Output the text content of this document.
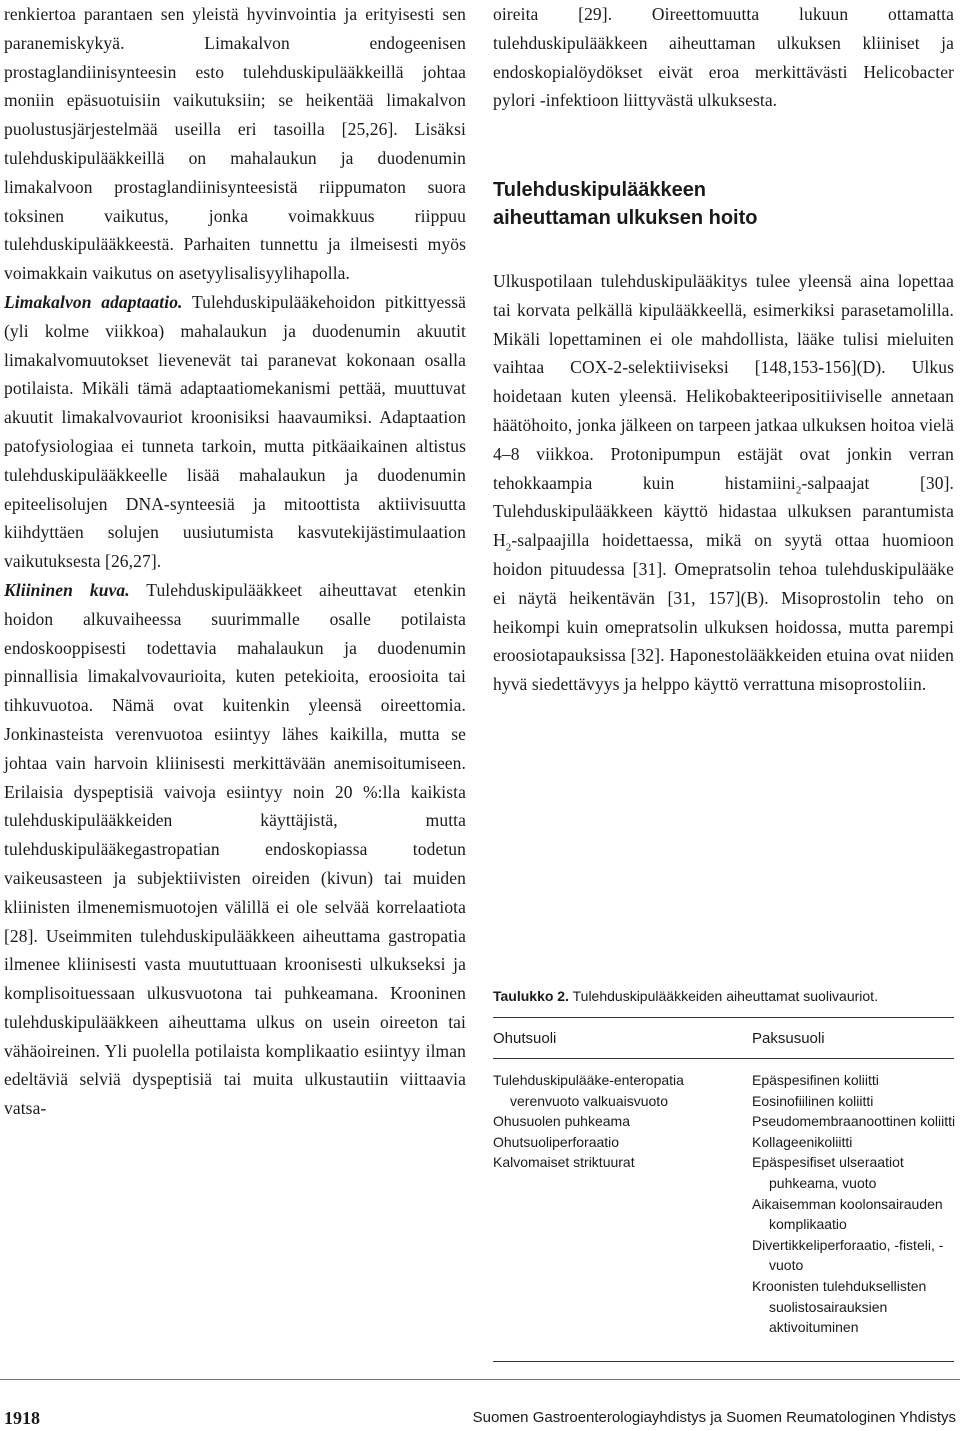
renkiertoa parantaen sen yleistä hyvinvointia ja erityisesti sen paranemiskykyä. Limakalvon endogeenisen prostaglandiinisynteesin esto tulehduskipulääkkeillä johtaa moniin epäsuotuisiin vaikutuksiin; se heikentää limakalvon puolustusjärjestelmää useilla eri tasoilla [25,26]. Lisäksi tulehduskipulääkkeillä on mahalaukun ja duodenumin limakalvoon prostaglandiinisynteesistä riippumaton suora toksinen vaikutus, jonka voimakkuus riippuu tulehduskipulääkkeestä. Parhaiten tunnettu ja ilmeisesti myös voimakkain vaikutus on asetyylisalisyylihapolla.

Limakalvon adaptaatio. Tulehduskipulääkehoidon pitkittyessä (yli kolme viikkoa) mahalaukun ja duodenumin akuutit limakalvomuutokset lievenevät tai paranevat kokonaan osalla potilaista. Mikäli tämä adaptaatiomekanismi pettää, muuttuvat akuutit limakalvovauriot kroonisiksi haavaumiksi. Adaptaation patofysiologiaa ei tunneta tarkoin, mutta pitkäaikainen altistus tulehduskipulääkkeelle lisää mahalaukun ja duodenumin epiteelisolujen DNA-synteesiä ja mitoottista aktiivisuutta kiihdyttäen solujen uusiutumista kasvutekijästimulaation vaikutuksesta [26,27].

Kliininen kuva. Tulehduskipulääkkeet aiheuttavat etenkin hoidon alkuvaiheessa suurimmalle osalle potilaista endoskooppisesti todettavia mahalaukun ja duodenumin pinnallisia limakalvovaurioita, kuten petekioita, eroosioita tai tihkuvuotoa. Nämä ovat kuitenkin yleensä oireettomia. Jonkinasteista verenvuotoa esiintyy lähes kaikilla, mutta se johtaa vain harvoin kliinisesti merkittävään anemisoitumiseen. Erilaisia dyspeptisiä vaivoja esiintyy noin 20 %:lla kaikista tulehduskipulääkkeiden käyttäjistä, mutta tulehduskipulääkegastropatian endoskopiassa todetun vaikeusasteen ja subjektiivisten oireiden (kivun) tai muiden kliinisten ilmenemismuotojen välillä ei ole selvää korrelaatiota [28]. Useimmiten tulehduskipulääkkeen aiheuttama gastropatia ilmenee kliinisesti vasta muututtuaan kroonisesti ulkukseksi ja komplisoituessaan ulkusvuotona tai puhkeamana. Krooninen tulehduskipulääkkeen aiheuttama ulkus on usein oireeton tai vähäoireinen. Yli puolella potilaista komplikaatio esiintyy ilman edeltäviä selviä dyspeptisiä tai muita ulkustautiin viittaavia vatsa-

oireita [29]. Oireettomuutta lukuun ottamatta tulehduskipulääkkeen aiheuttaman ulkuksen kliiniset ja endoskopialöydökset eivät eroa merkittävästi Helicobacter pylori -infektioon liittyvästä ulkuksesta.

Tulehduskipulääkkeen
aiheuttaman ulkuksen hoito

Ulkuspotilaan tulehduskipulääkitys tulee yleensä aina lopettaa tai korvata pelkällä kipulääkkeellä, esimerkiksi parasetamolilla. Mikäli lopettaminen ei ole mahdollista, lääke tulisi mieluiten vaihtaa COX-2-selektiiviseksi [148,153-156](D). Ulkus hoidetaan kuten yleensä. Helikobakteeripositiiviselle annetaan häätöhoito, jonka jälkeen on tarpeen jatkaa ulkuksen hoitoa vielä 4–8 viikkoa. Protonipumpun estäjät ovat jonkin verran tehokkaampia kuin histamiini$_2$-salpaajat [30]. Tulehduskipulääkkeen käyttö hidastaa ulkuksen parantumista $H_2$-salpaajilla hoidettaessa, mikä on syytä ottaa huomioon hoidon pituudessa [31]. Omepratsolin tehoa tulehduskipulääke ei näytä heikentävän [31, 157](B). Misoprostolin teho on heikompi kuin omepratsolin ulkuksen hoidossa, mutta parempi eroosiotapauksissa [32]. Haponestolääkkeiden etuina ovat niiden hyvä siedettävyys ja helppo käyttö verrattuna misoprostoliin.

Taulukko 2. Tulehduskipulääkkeiden aiheuttamat suolivauriot.

Ohutsuoli	Paksusuoli

Tulehduskipulääke-enteropatia verenvuoto valkuaisvuoto
Ohusuolen puhkeama
Ohutsuoliperforaatio
Kalvomaiset striktuurat
Epäspesifinen koliitti
Eosinofiilinen koliitti
Pseudomembraanoottinen koliitti
Kollageenikoliitti
Epäspesifiset ulseraatiot puhkeama, vuoto
Aikaisemman koolonsairauden komplikaatio
Divertikkeliperforaatio, -fisteli, -vuoto
Kroonisten tulehduksellisten suolistosairauksien aktivoituminen

1918	Suomen Gastroenterologiayhdistys ja Suomen Reumatologinen Yhdistys
